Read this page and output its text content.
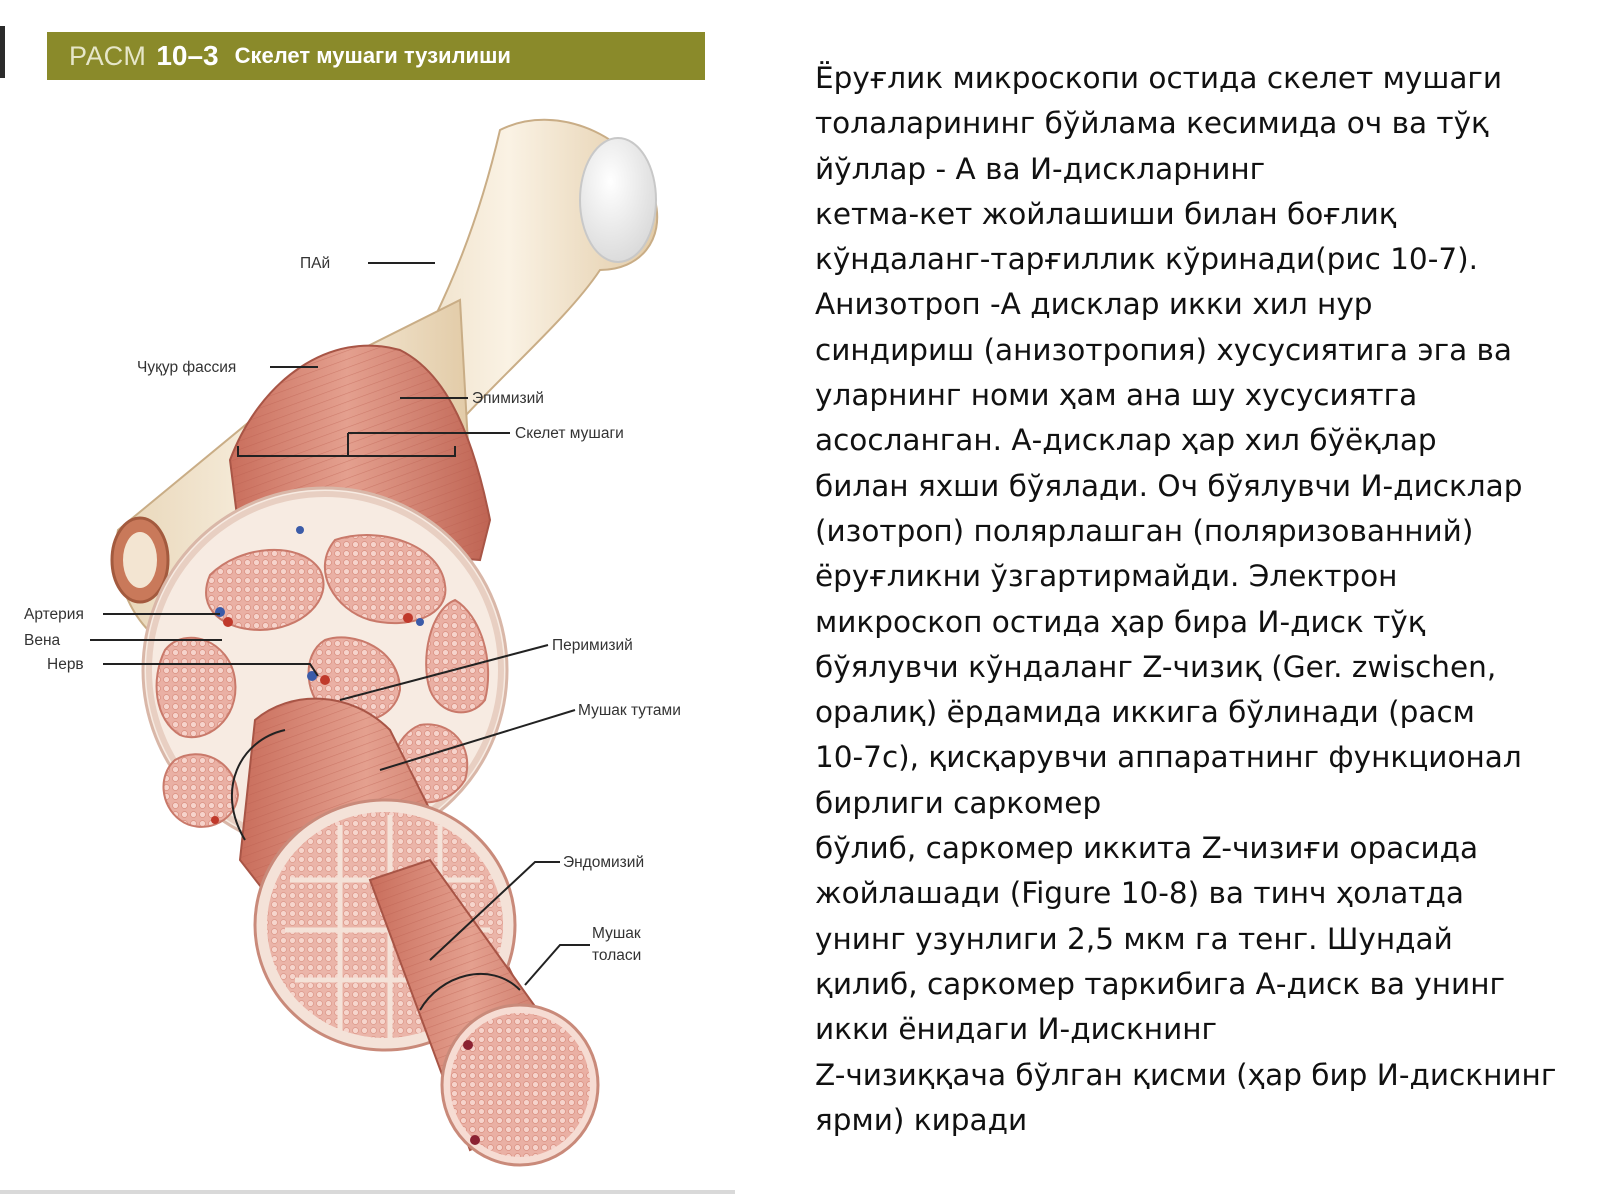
РАСМ 10–3 Скелет мушаги тузилиши
ПАй
Чуқур фассия
Эпимизий
Скелет мушаги
Артерия
Вена
Нерв
Перимизий
Мушак тутами
Эндомизий
Мушак
толаси

Ёруғлик микроскопи остида скелет мушаги
толаларининг бўйлама кесимида оч ва тўқ
йўллар - А ва И-дискларнинг
кетма-кет жойлашиши билан боғлиқ
кўндаланг-тарғиллик кўринади(рис 10-7).
Анизотроп -А дисклар икки хил нур
синдириш (анизотропия) хусусиятига эга ва
уларнинг номи ҳам ана шу хусусиятга
асосланган. А-дисклар ҳар хил бўёқлар
билан яхши бўялади. Оч бўялувчи И-дисклар
(изотроп) полярлашган (поляризованний)
ёруғликни ўзгартирмайди. Электрон
микроскоп остида ҳар бира И-диск тўқ
бўялувчи кўндаланг Z-чизиқ (Ger. zwischen,
оралиқ) ёрдамида иккига бўлинади (расм
10-7с), қисқарувчи аппаратнинг функционал
бирлиги саркомер
бўлиб, саркомер иккита Z-чизиғи орасида
жойлашади (Figure 10-8) ва тинч ҳолатда
унинг узунлиги 2,5 мкм га тенг. Шундай
қилиб, саркомер таркибига А-диск ва унинг
икки ёнидаги И-дискнинг
Z-чизиққача бўлган қисми (ҳар бир И-дискнинг
ярми) киради
